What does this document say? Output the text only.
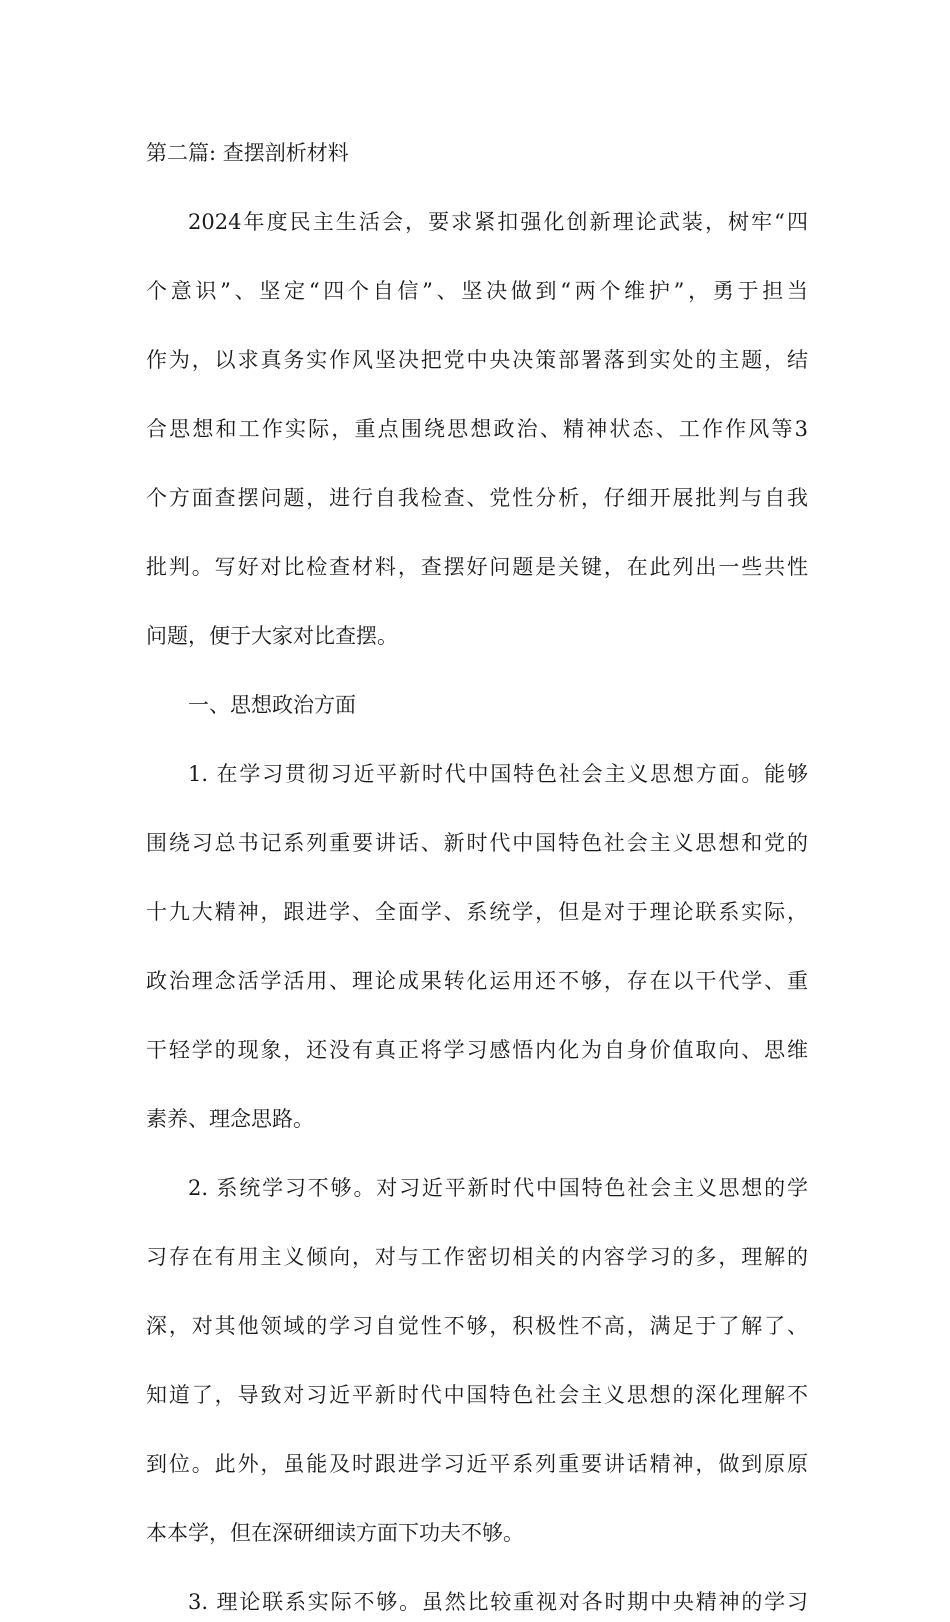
第二篇: 查摆剖析材料
2024年度民主生活会，要求紧扣强化创新理论武装，树牢“四
个意识”、坚定“四个自信”、坚决做到“两个维护”，勇于担当
作为，以求真务实作风坚决把党中央决策部署落到实处的主题，结
合思想和工作实际，重点围绕思想政治、精神状态、工作作风等3
个方面查摆问题，进行自我检查、党性分析，仔细开展批判与自我
批判。写好对比检查材料，查摆好问题是关键，在此列出一些共性
问题，便于大家对比查摆。
一、思想政治方面
1. 在学习贯彻习近平新时代中国特色社会主义思想方面。能够
围绕习总书记系列重要讲话、新时代中国特色社会主义思想和党的
十九大精神，跟进学、全面学、系统学，但是对于理论联系实际，
政治理念活学活用、理论成果转化运用还不够，存在以干代学、重
干轻学的现象，还没有真正将学习感悟内化为自身价值取向、思维
素养、理念思路。
2. 系统学习不够。对习近平新时代中国特色社会主义思想的学
习存在有用主义倾向，对与工作密切相关的内容学习的多，理解的
深，对其他领域的学习自觉性不够，积极性不高，满足于了解了、
知道了，导致对习近平新时代中国特色社会主义思想的深化理解不
到位。此外，虽能及时跟进学习近平系列重要讲话精神，做到原原
本本学，但在深研细读方面下功夫不够。
3. 理论联系实际不够。虽然比较重视对各时期中央精神的学习
